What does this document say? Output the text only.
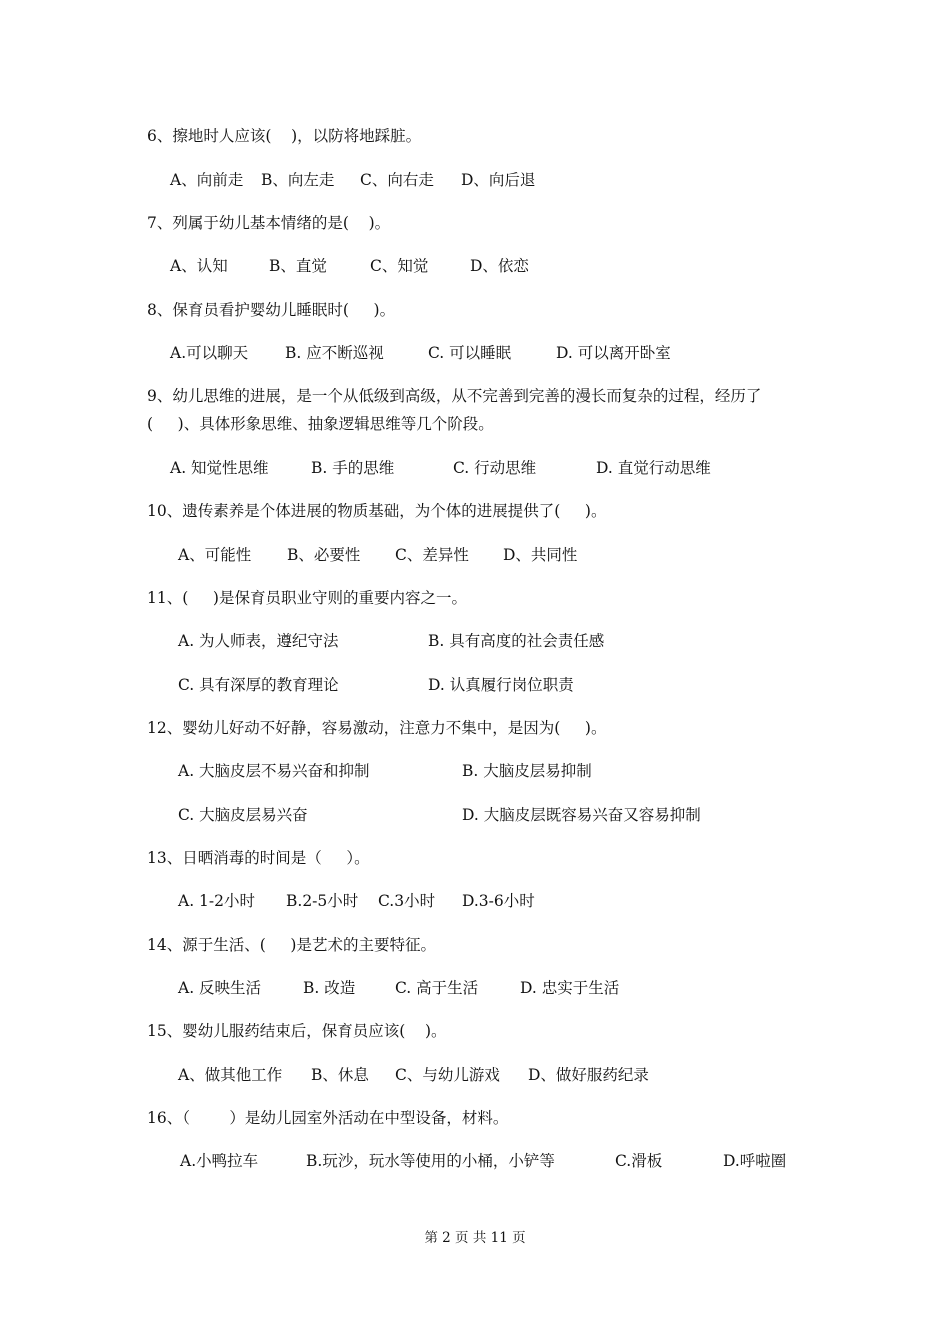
6、擦地时人应该(    )，以防将地踩脏。
A、向前走 B、向左走 C、向右走 D、向后退
7、列属于幼儿基本情绪的是(    )。
A、认知	B、直觉	C、知觉	D、依恋
8、保育员看护婴幼儿睡眠时(     )。
A.可以聊天 B. 应不断巡视	C. 可以睡眠	D. 可以离开卧室
9、幼儿思维的进展，是一个从低级到高级，从不完善到完善的漫长而复杂的过程，经历了
(     )、具体形象思维、抽象逻辑思维等几个阶段。
A. 知觉性思维	B. 手的思维	C. 行动思维	D. 直觉行动思维
10、遗传素养是个体进展的物质基础，为个体的进展提供了(     )。
A、可能性 B、必要性 C、差异性 D、共同性
11、(     )是保育员职业守则的重要内容之一。
A. 为人师表，遵纪守法	B. 具有高度的社会责任感
C. 具有深厚的教育理论	D. 认真履行岗位职责
12、婴幼儿好动不好静，容易激动，注意力不集中，是因为(     )。
A. 大脑皮层不易兴奋和抑制	B. 大脑皮层易抑制
C. 大脑皮层易兴奋	D. 大脑皮层既容易兴奋又容易抑制
13、日晒消毒的时间是（     ）。
A. 1-2小时 B.2-5小时 C.3小时 D.3-6小时
14、源于生活、(     )是艺术的主要特征。
A. 反映生活	B. 改造	C. 高于生活	D. 忠实于生活
15、婴幼儿服药结束后，保育员应该(    )。
A、做其他工作 B、休息 C、与幼儿游戏 D、做好服药纪录
16、（        ）是幼儿园室外活动在中型设备，材料。
A.小鸭拉车	B.玩沙，玩水等使用的小桶，小铲等	C.滑板	D.呼啦圈
第 2 页 共 11 页
